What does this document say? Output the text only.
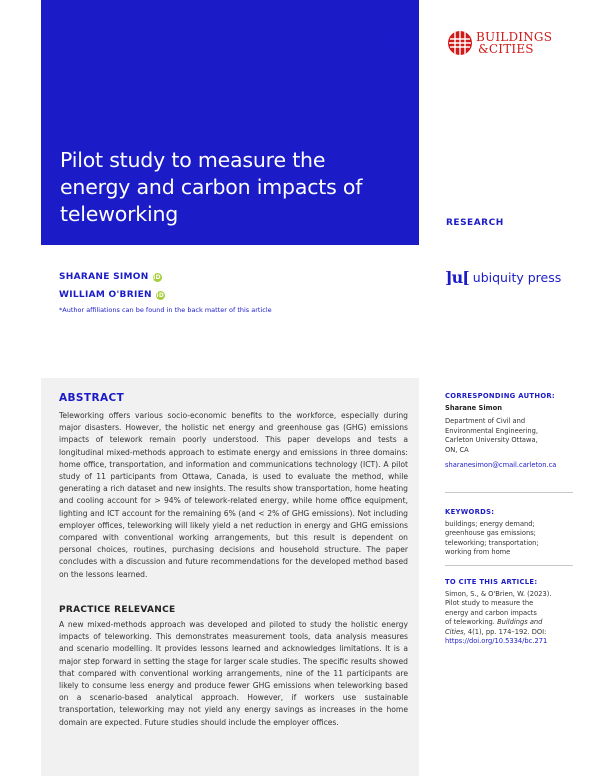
Pilot study to measure the energy and carbon impacts of teleworking
BUILDINGS
&CITIES
RESEARCH
SHARANE SIMON iD
WILLIAM O'BRIEN iD
*Author affiliations can be found in the back matter of this article
]u[ ubiquity press
ABSTRACT

Teleworking offers various socio-economic benefits to the workforce, especially during major disasters. However, the holistic net energy and greenhouse gas (GHG) emissions impacts of telework remain poorly understood. This paper develops and tests a longitudinal mixed-methods approach to estimate energy and emissions in three domains: home office, transportation, and information and communications technology (ICT). A pilot study of 11 participants from Ottawa, Canada, is used to evaluate the method, while generating a rich dataset and new insights. The results show transportation, home heating and cooling account for > 94% of telework-related energy, while home office equipment, lighting and ICT account for the remaining 6% (and < 2% of GHG emissions). Not including employer offices, teleworking will likely yield a net reduction in energy and GHG emissions compared with conventional working arrangements, but this result is dependent on personal choices, routines, purchasing decisions and household structure. The paper concludes with a discussion and future recommendations for the developed method based on the lessons learned.

PRACTICE RELEVANCE

A new mixed-methods approach was developed and piloted to study the holistic energy impacts of teleworking. This demonstrates measurement tools, data analysis measures and scenario modelling. It provides lessons learned and acknowledges limitations. It is a major step forward in setting the stage for larger scale studies. The specific results showed that compared with conventional working arrangements, nine of the 11 participants are likely to consume less energy and produce fewer GHG emissions when teleworking based on a scenario-based analytical approach. However, if workers use sustainable transportation, teleworking may not yield any energy savings as increases in the home domain are expected. Future studies should include the employer offices.

CORRESPONDING AUTHOR:
Sharane Simon
Department of Civil and
Environmental Engineering,
Carleton University Ottawa,
ON, CA
sharanesimon@cmail.carleton.ca
KEYWORDS:
buildings; energy demand;
greenhouse gas emissions;
teleworking; transportation;
working from home
TO CITE THIS ARTICLE:
Simon, S., & O'Brien, W. (2023).
Pilot study to measure the
energy and carbon impacts
of teleworking. Buildings and
Cities, 4(1), pp. 174–192. DOI:
https://doi.org/10.5334/bc.271
